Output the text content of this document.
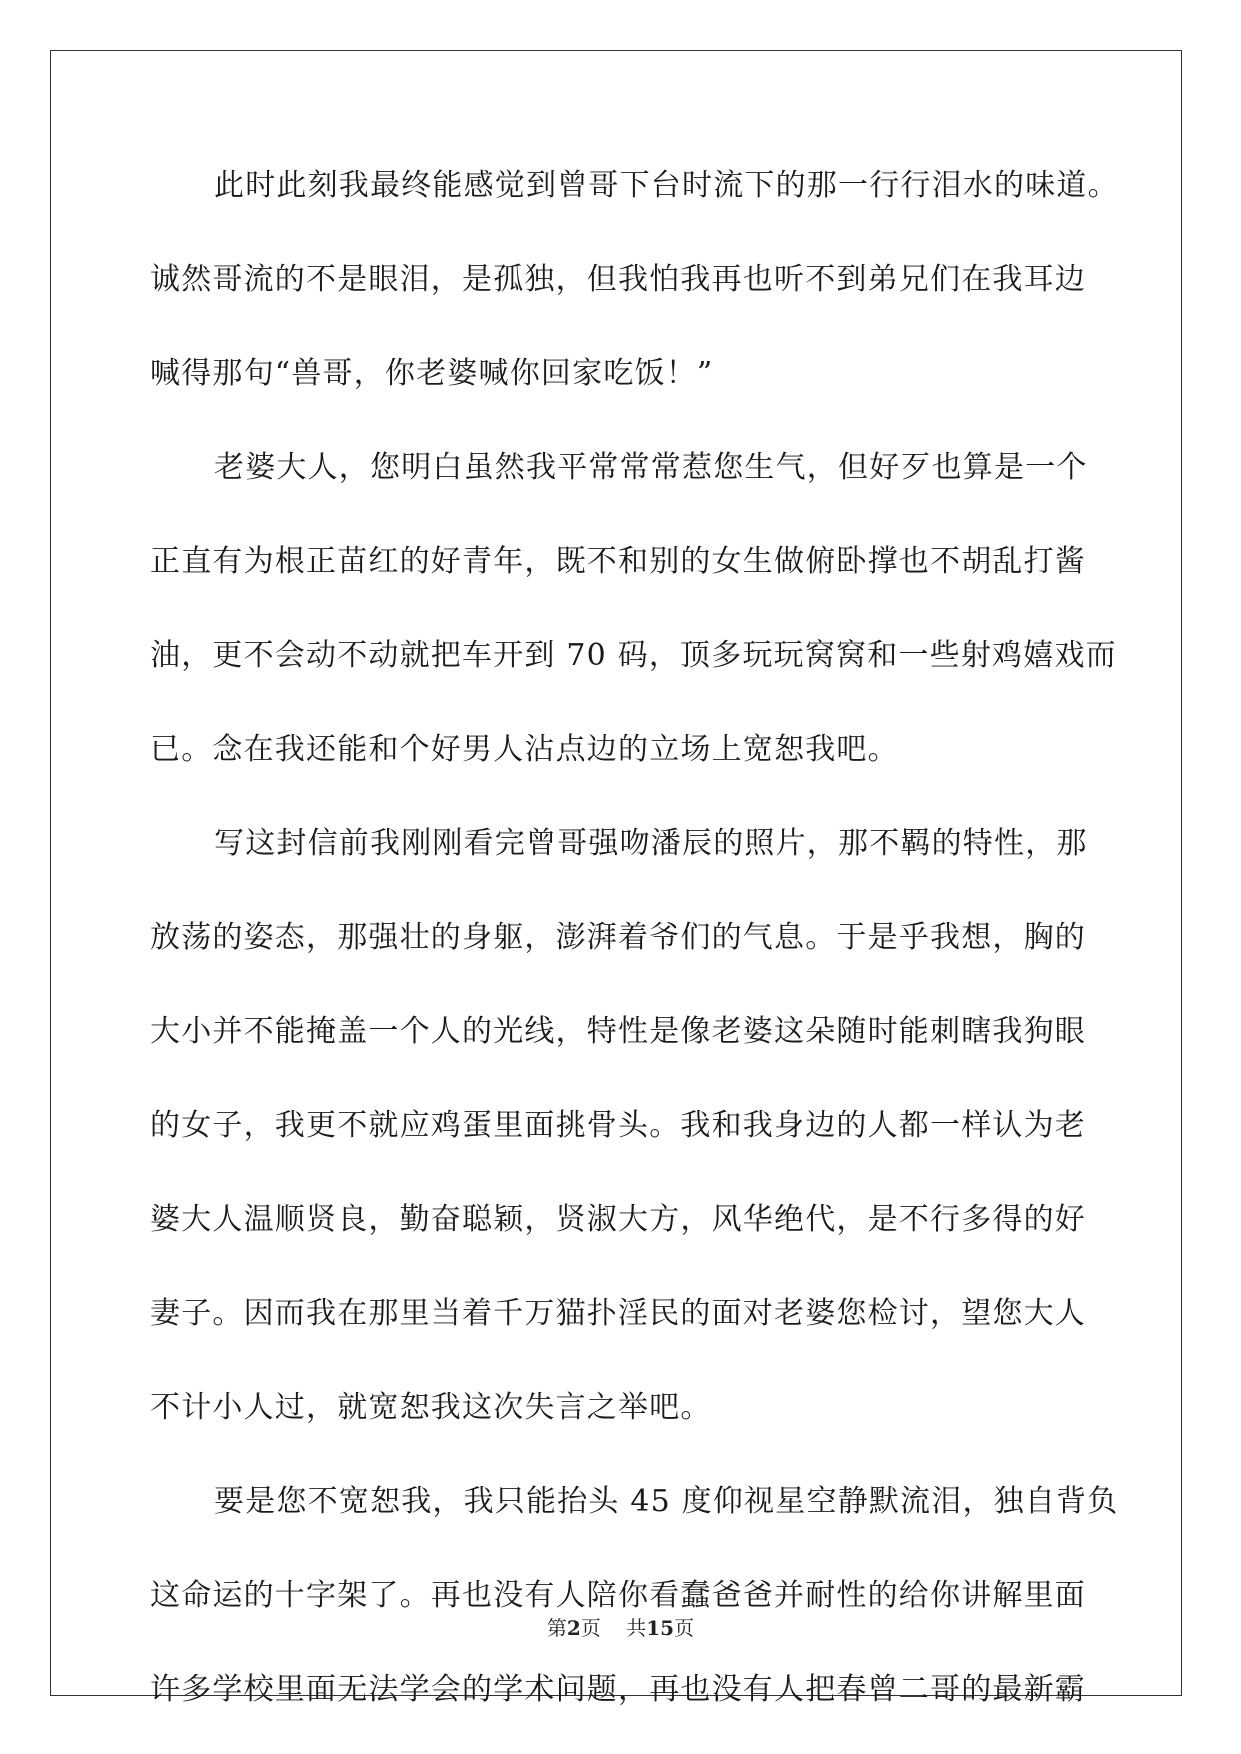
此时此刻我最终能感觉到曾哥下台时流下的那一行行泪水的味道。
诚然哥流的不是眼泪，是孤独，但我怕我再也听不到弟兄们在我耳边
喊得那句“兽哥，你老婆喊你回家吃饭！”
老婆大人，您明白虽然我平常常常惹您生气，但好歹也算是一个
正直有为根正苗红的好青年，既不和别的女生做俯卧撑也不胡乱打酱
油，更不会动不动就把车开到 70 码，顶多玩玩窝窝和一些射鸡嬉戏而
已。念在我还能和个好男人沾点边的立场上宽恕我吧。
写这封信前我刚刚看完曾哥强吻潘辰的照片，那不羁的特性，那
放荡的姿态，那强壮的身躯，澎湃着爷们的气息。于是乎我想，胸的
大小并不能掩盖一个人的光线，特性是像老婆这朵随时能刺瞎我狗眼
的女子，我更不就应鸡蛋里面挑骨头。我和我身边的人都一样认为老
婆大人温顺贤良，勤奋聪颖，贤淑大方，风华绝代，是不行多得的好
妻子。因而我在那里当着千万猫扑淫民的面对老婆您检讨，望您大人
不计小人过，就宽恕我这次失言之举吧。
要是您不宽恕我，我只能抬头 45 度仰视星空静默流泪，独自背负
这命运的十字架了。再也没有人陪你看蠢爸爸并耐性的给你讲解里面
许多学校里面无法学会的学术问题，再也没有人把春曾二哥的最新霸
第2页 共15页
